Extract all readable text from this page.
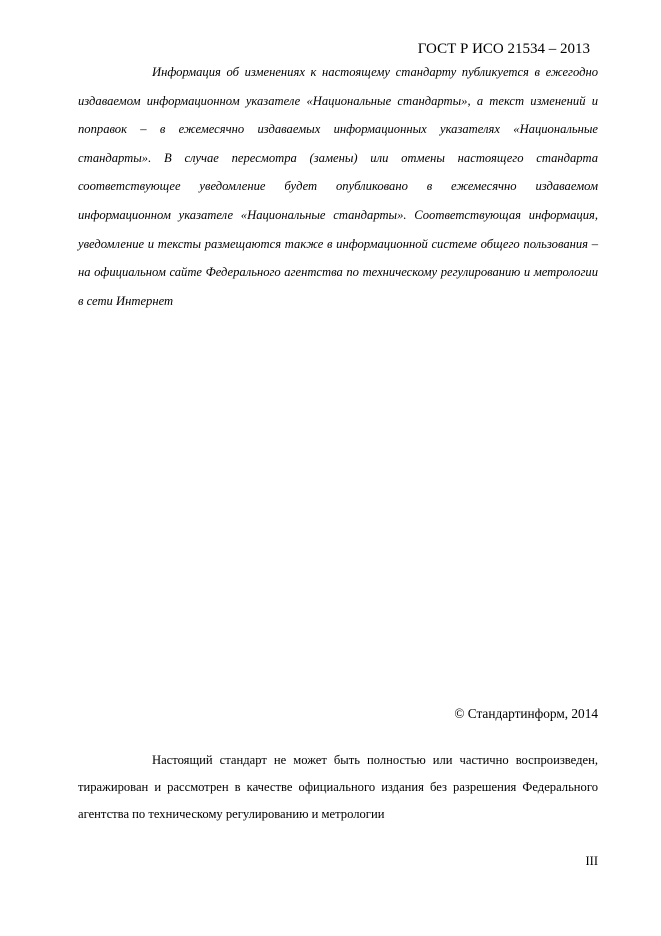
ГОСТ Р ИСО 21534 – 2013

Информация об изменениях к настоящему стандарту публикуется в ежегодно издаваемом информационном указателе «Национальные стандарты», а текст изменений и поправок – в ежемесячно издаваемых информационных указателях «Национальные стандарты». В случае пересмотра (замены) или отмены настоящего стандарта соответствующее уведомление будет опубликовано в ежемесячно издаваемом информационном указателе «Национальные стандарты». Соответствующая информация, уведомление и тексты размещаются также в информационной системе общего пользования – на официальном сайте Федерального агентства по техническому регулированию и метрологии в сети Интернет

© Стандартинформ, 2014

Настоящий стандарт не может быть полностью или частично воспроизведен, тиражирован и рассмотрен в качестве официального издания без разрешения Федерального агентства по техническому регулированию и метрологии

III
